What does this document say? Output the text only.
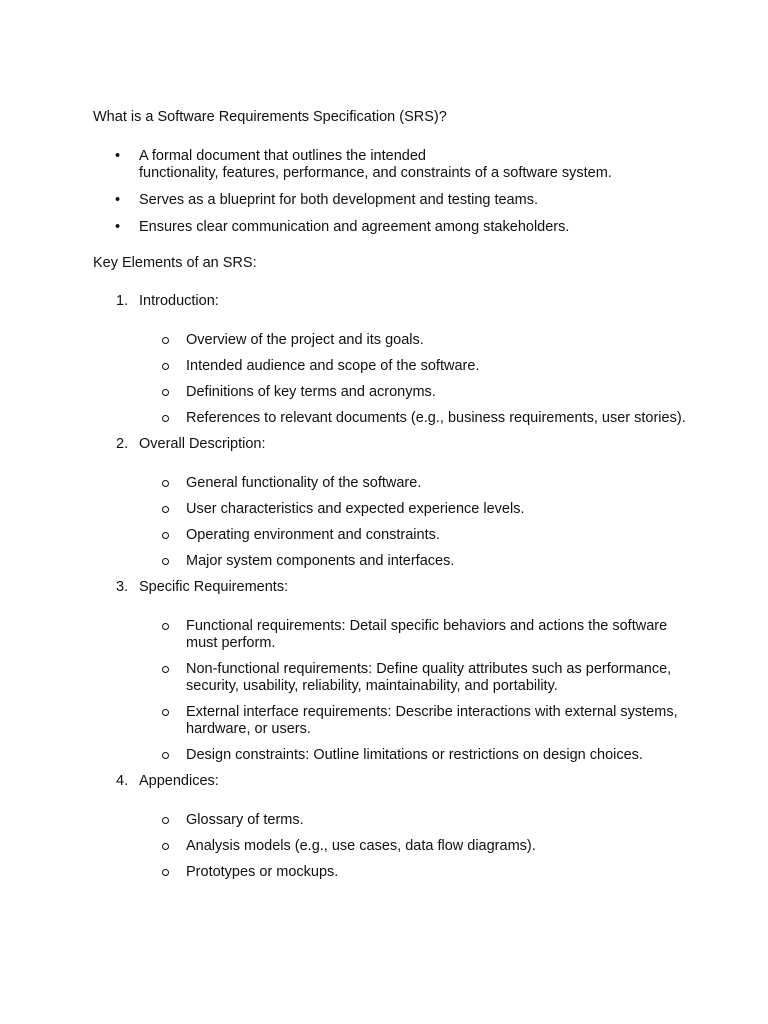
What is a Software Requirements Specification (SRS)?

• A formal document that outlines the intended
functionality, features, performance, and constraints of a software system.
• Serves as a blueprint for both development and testing teams.
• Ensures clear communication and agreement among stakeholders.

Key Elements of an SRS:

1. Introduction:
Overview of the project and its goals.
Intended audience and scope of the software.
Definitions of key terms and acronyms.
References to relevant documents (e.g., business requirements, user stories).
2. Overall Description:
General functionality of the software.
User characteristics and expected experience levels.
Operating environment and constraints.
Major system components and interfaces.
3. Specific Requirements:
Functional requirements: Detail specific behaviors and actions the software must perform.
Non-functional requirements: Define quality attributes such as performance, security, usability, reliability, maintainability, and portability.
External interface requirements: Describe interactions with external systems, hardware, or users.
Design constraints: Outline limitations or restrictions on design choices.
4. Appendices:
Glossary of terms.
Analysis models (e.g., use cases, data flow diagrams).
Prototypes or mockups.
